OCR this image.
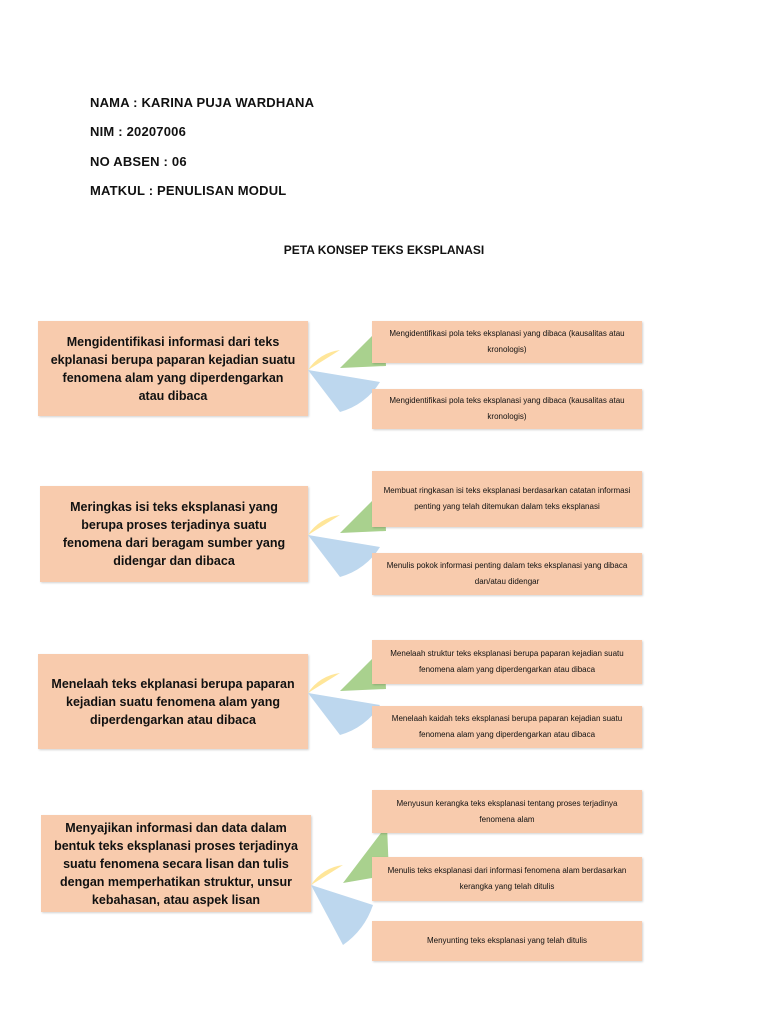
NAMA : KARINA PUJA WARDHANA
NIM : 20207006
NO ABSEN : 06
MATKUL : PENULISAN MODUL
PETA KONSEP TEKS EKSPLANASI
Mengidentifikasi informasi dari teks ekplanasi berupa paparan kejadian suatu fenomena alam yang diperdengarkan atau dibaca
Mengidentifikasi pola teks eksplanasi yang dibaca (kausalitas atau kronologis)
Mengidentifikasi pola teks eksplanasi yang dibaca (kausalitas atau kronologis)
Meringkas isi teks eksplanasi yang berupa proses terjadinya suatu fenomena dari beragam sumber yang didengar dan dibaca
Membuat ringkasan isi teks eksplanasi berdasarkan catatan informasi penting yang telah ditemukan dalam teks eksplanasi
Menulis pokok informasi penting dalam teks eksplanasi yang dibaca dan/atau didengar
Menelaah teks ekplanasi berupa paparan kejadian suatu fenomena alam yang diperdengarkan atau dibaca
Menelaah struktur teks eksplanasi berupa paparan kejadian suatu fenomena alam yang diperdengarkan atau dibaca
Menelaah kaidah teks eksplanasi berupa paparan kejadian suatu fenomena alam yang diperdengarkan atau dibaca
Menyajikan informasi dan data dalam bentuk teks eksplanasi proses terjadinya suatu fenomena secara lisan dan tulis dengan memperhatikan struktur, unsur kebahasan, atau aspek lisan
Menyusun kerangka teks eksplanasi tentang proses terjadinya fenomena alam
Menulis teks eksplanasi dari informasi fenomena alam berdasarkan kerangka yang telah ditulis
Menyunting teks eksplanasi yang telah ditulis
